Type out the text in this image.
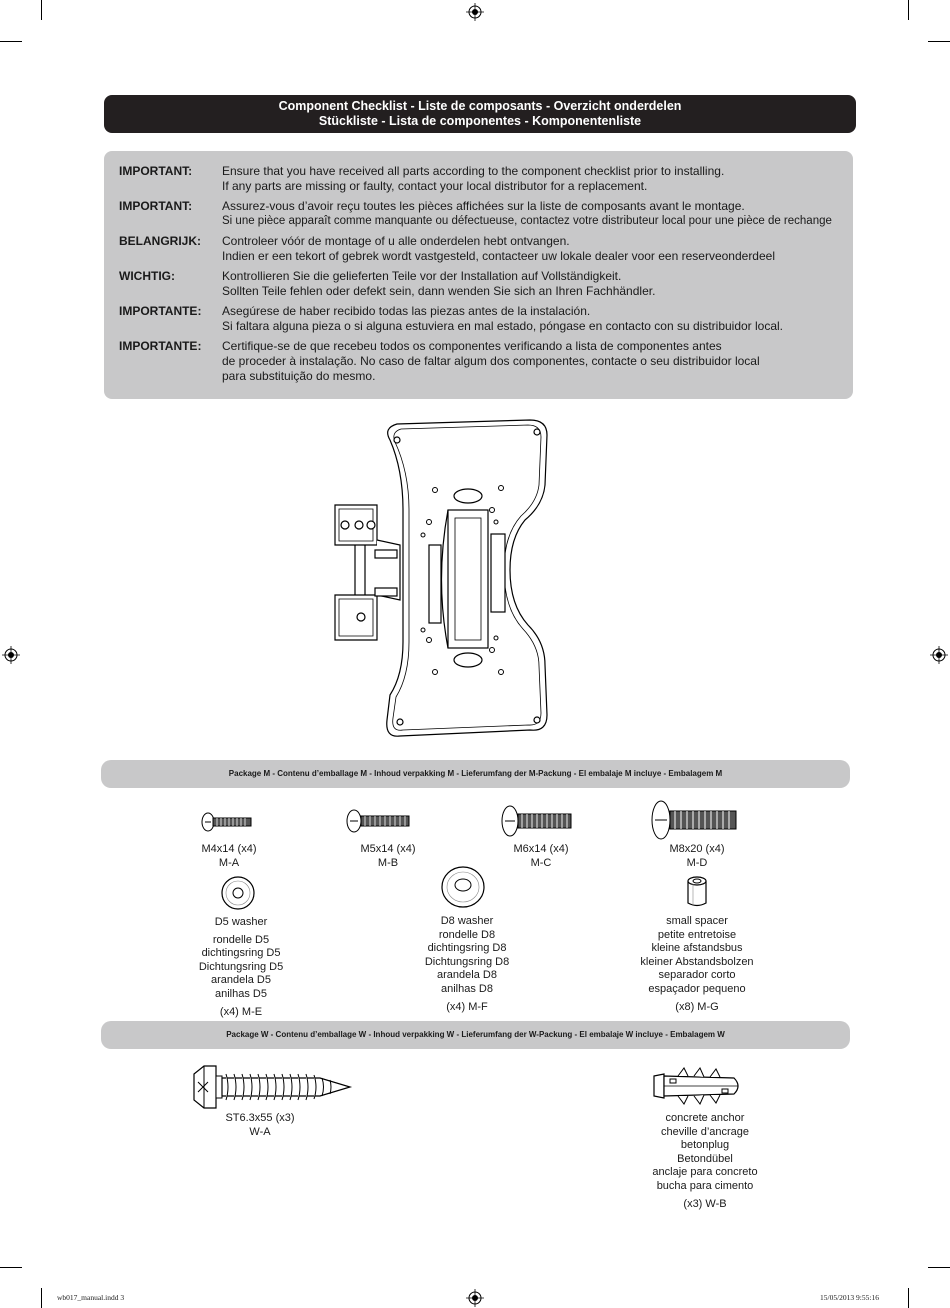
Component Checklist - Liste de composants - Overzicht onderdelen
Stückliste - Lista de componentes - Komponentenliste
IMPORTANT: Ensure that you have received all parts according to the component checklist prior to installing.
If any parts are missing or faulty, contact your local distributor for a replacement.
IMPORTANT: Assurez-vous d’avoir reçu toutes les pièces affichées sur la liste de composants avant le montage.
Si une pièce apparaît comme manquante ou défectueuse, contactez votre distributeur local pour une pièce de rechange
BELANGRIJK: Controleer vóór de montage of u alle onderdelen hebt ontvangen.
Indien er een tekort of gebrek wordt vastgesteld, contacteer uw lokale dealer voor een reserveonderdeel
WICHTIG:	Kontrollieren Sie die gelieferten Teile vor der Installation auf Vollständigkeit.
Sollten Teile fehlen oder defekt sein, dann wenden Sie sich an Ihren Fachhändler.
IMPORTANTE: Asegúrese de haber recibido todas las piezas antes de la instalación.
Si faltara alguna pieza o si alguna estuviera en mal estado, póngase en contacto con su distribuidor local.
IMPORTANTE: Certifique-se de que recebeu todos os componentes verificando a lista de componentes antes
de proceder à instalação. No caso de faltar algum dos componentes, contacte o seu distribuidor local
para substituição do mesmo.
Package M - Contenu d’emballage M - Inhoud verpakking M - Lieferumfang der M-Packung - El embalaje M incluye - Embalagem M
M4x14 (x4)
M-A
M5x14 (x4)
M-B
M6x14 (x4)
M-C
M8x20 (x4)
M-D
D5 washer
rondelle D5
dichtingsring D5
Dichtungsring D5
arandela D5
anilhas D5
(x4) M-E
D8 washer
rondelle D8
dichtingsring D8
Dichtungsring D8
arandela D8
anilhas D8
(x4) M-F
small spacer
petite entretoise
kleine afstandsbus
kleiner Abstandsbolzen
separador corto
espaçador pequeno
(x8) M-G
Package W - Contenu d’emballage W - Inhoud verpakking W - Lieferumfang der W-Packung - El embalaje W incluye - Embalagem W
ST6.3x55 (x3)
W-A
concrete anchor
cheville d’ancrage
betonplug
Betondübel
anclaje para concreto
bucha para cimento
(x3) W-B
wb017_manual.indd 3	15/05/2013 9:55:16
